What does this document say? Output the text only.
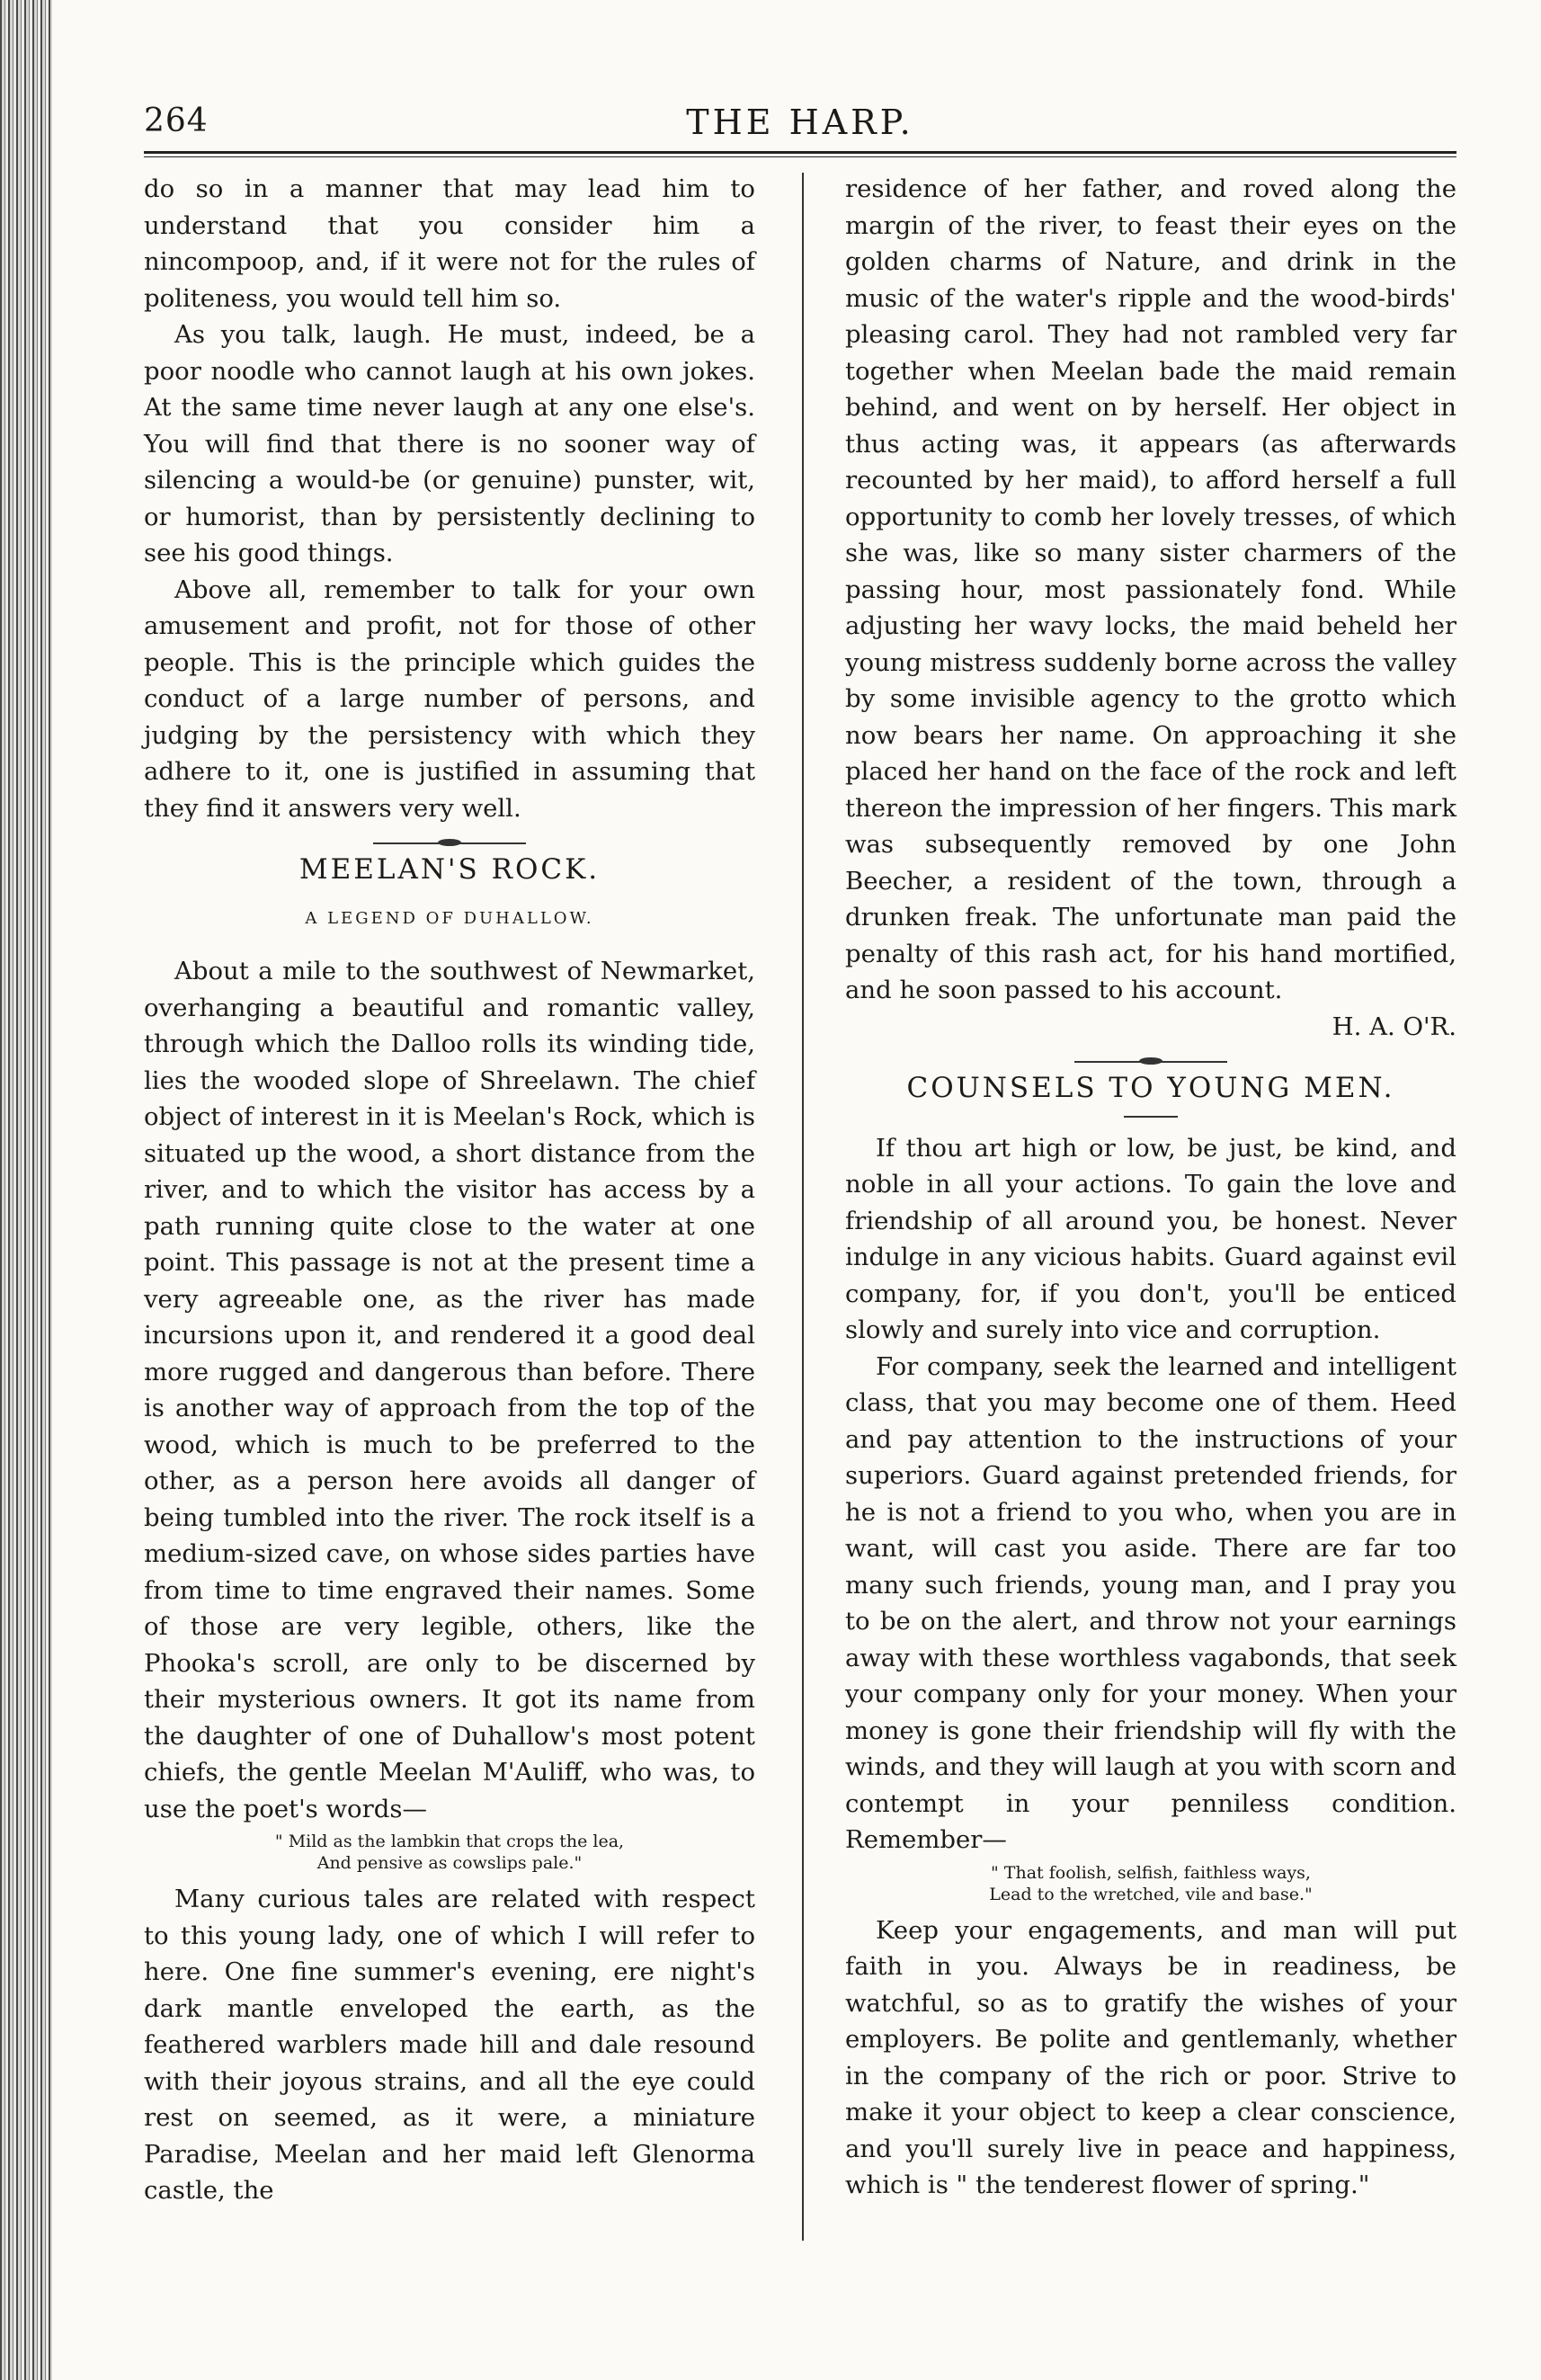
264	THE HARP.

do so in a manner that may lead him to understand that you consider him a nincompoop, and, if it were not for the rules of politeness, you would tell him so.

As you talk, laugh. He must, indeed, be a poor noodle who cannot laugh at his own jokes. At the same time never laugh at any one else's. You will find that there is no sooner way of silencing a would-be (or genuine) punster, wit, or humorist, than by persistently declining to see his good things.

Above all, remember to talk for your own amusement and profit, not for those of other people. This is the principle which guides the conduct of a large number of persons, and judging by the persistency with which they adhere to it, one is justified in assuming that they find it answers very well.

MEELAN'S ROCK.
A LEGEND OF DUHALLOW.

About a mile to the southwest of Newmarket, overhanging a beautiful and romantic valley, through which the Dalloo rolls its winding tide, lies the wooded slope of Shreelawn. The chief object of interest in it is Meelan's Rock, which is situated up the wood, a short distance from the river, and to which the visitor has access by a path running quite close to the water at one point. This passage is not at the present time a very agreeable one, as the river has made incursions upon it, and rendered it a good deal more rugged and dangerous than before. There is another way of approach from the top of the wood, which is much to be preferred to the other, as a person here avoids all danger of being tumbled into the river. The rock itself is a medium-sized cave, on whose sides parties have from time to time engraved their names. Some of those are very legible, others, like the Phooka's scroll, are only to be discerned by their mysterious owners. It got its name from the daughter of one of Duhallow's most potent chiefs, the gentle Meelan M'Auliff, who was, to use the poet's words—

" Mild as the lambkin that crops the lea,
And pensive as cowslips pale."

Many curious tales are related with respect to this young lady, one of which I will refer to here. One fine summer's evening, ere night's dark mantle enveloped the earth, as the feathered warblers made hill and dale resound with their joyous strains, and all the eye could rest on seemed, as it were, a miniature Paradise, Meelan and her maid left Glenorma castle, the

residence of her father, and roved along the margin of the river, to feast their eyes on the golden charms of Nature, and drink in the music of the water's ripple and the wood-birds' pleasing carol. They had not rambled very far together when Meelan bade the maid remain behind, and went on by herself. Her object in thus acting was, it appears (as afterwards recounted by her maid), to afford herself a full opportunity to comb her lovely tresses, of which she was, like so many sister charmers of the passing hour, most passionately fond. While adjusting her wavy locks, the maid beheld her young mistress suddenly borne across the valley by some invisible agency to the grotto which now bears her name. On approaching it she placed her hand on the face of the rock and left thereon the impression of her fingers. This mark was subsequently removed by one John Beecher, a resident of the town, through a drunken freak. The unfortunate man paid the penalty of this rash act, for his hand mortified, and he soon passed to his account.

H. A. O'R.

COUNSELS TO YOUNG MEN.

If thou art high or low, be just, be kind, and noble in all your actions. To gain the love and friendship of all around you, be honest. Never indulge in any vicious habits. Guard against evil company, for, if you don't, you'll be enticed slowly and surely into vice and corruption.

For company, seek the learned and intelligent class, that you may become one of them. Heed and pay attention to the instructions of your superiors. Guard against pretended friends, for he is not a friend to you who, when you are in want, will cast you aside. There are far too many such friends, young man, and I pray you to be on the alert, and throw not your earnings away with these worthless vagabonds, that seek your company only for your money. When your money is gone their friendship will fly with the winds, and they will laugh at you with scorn and contempt in your penniless condition. Remember—

" That foolish, selfish, faithless ways,
Lead to the wretched, vile and base."

Keep your engagements, and man will put faith in you. Always be in readiness, be watchful, so as to gratify the wishes of your employers. Be polite and gentlemanly, whether in the company of the rich or poor. Strive to make it your object to keep a clear conscience, and you'll surely live in peace and happiness, which is " the tenderest flower of spring."
